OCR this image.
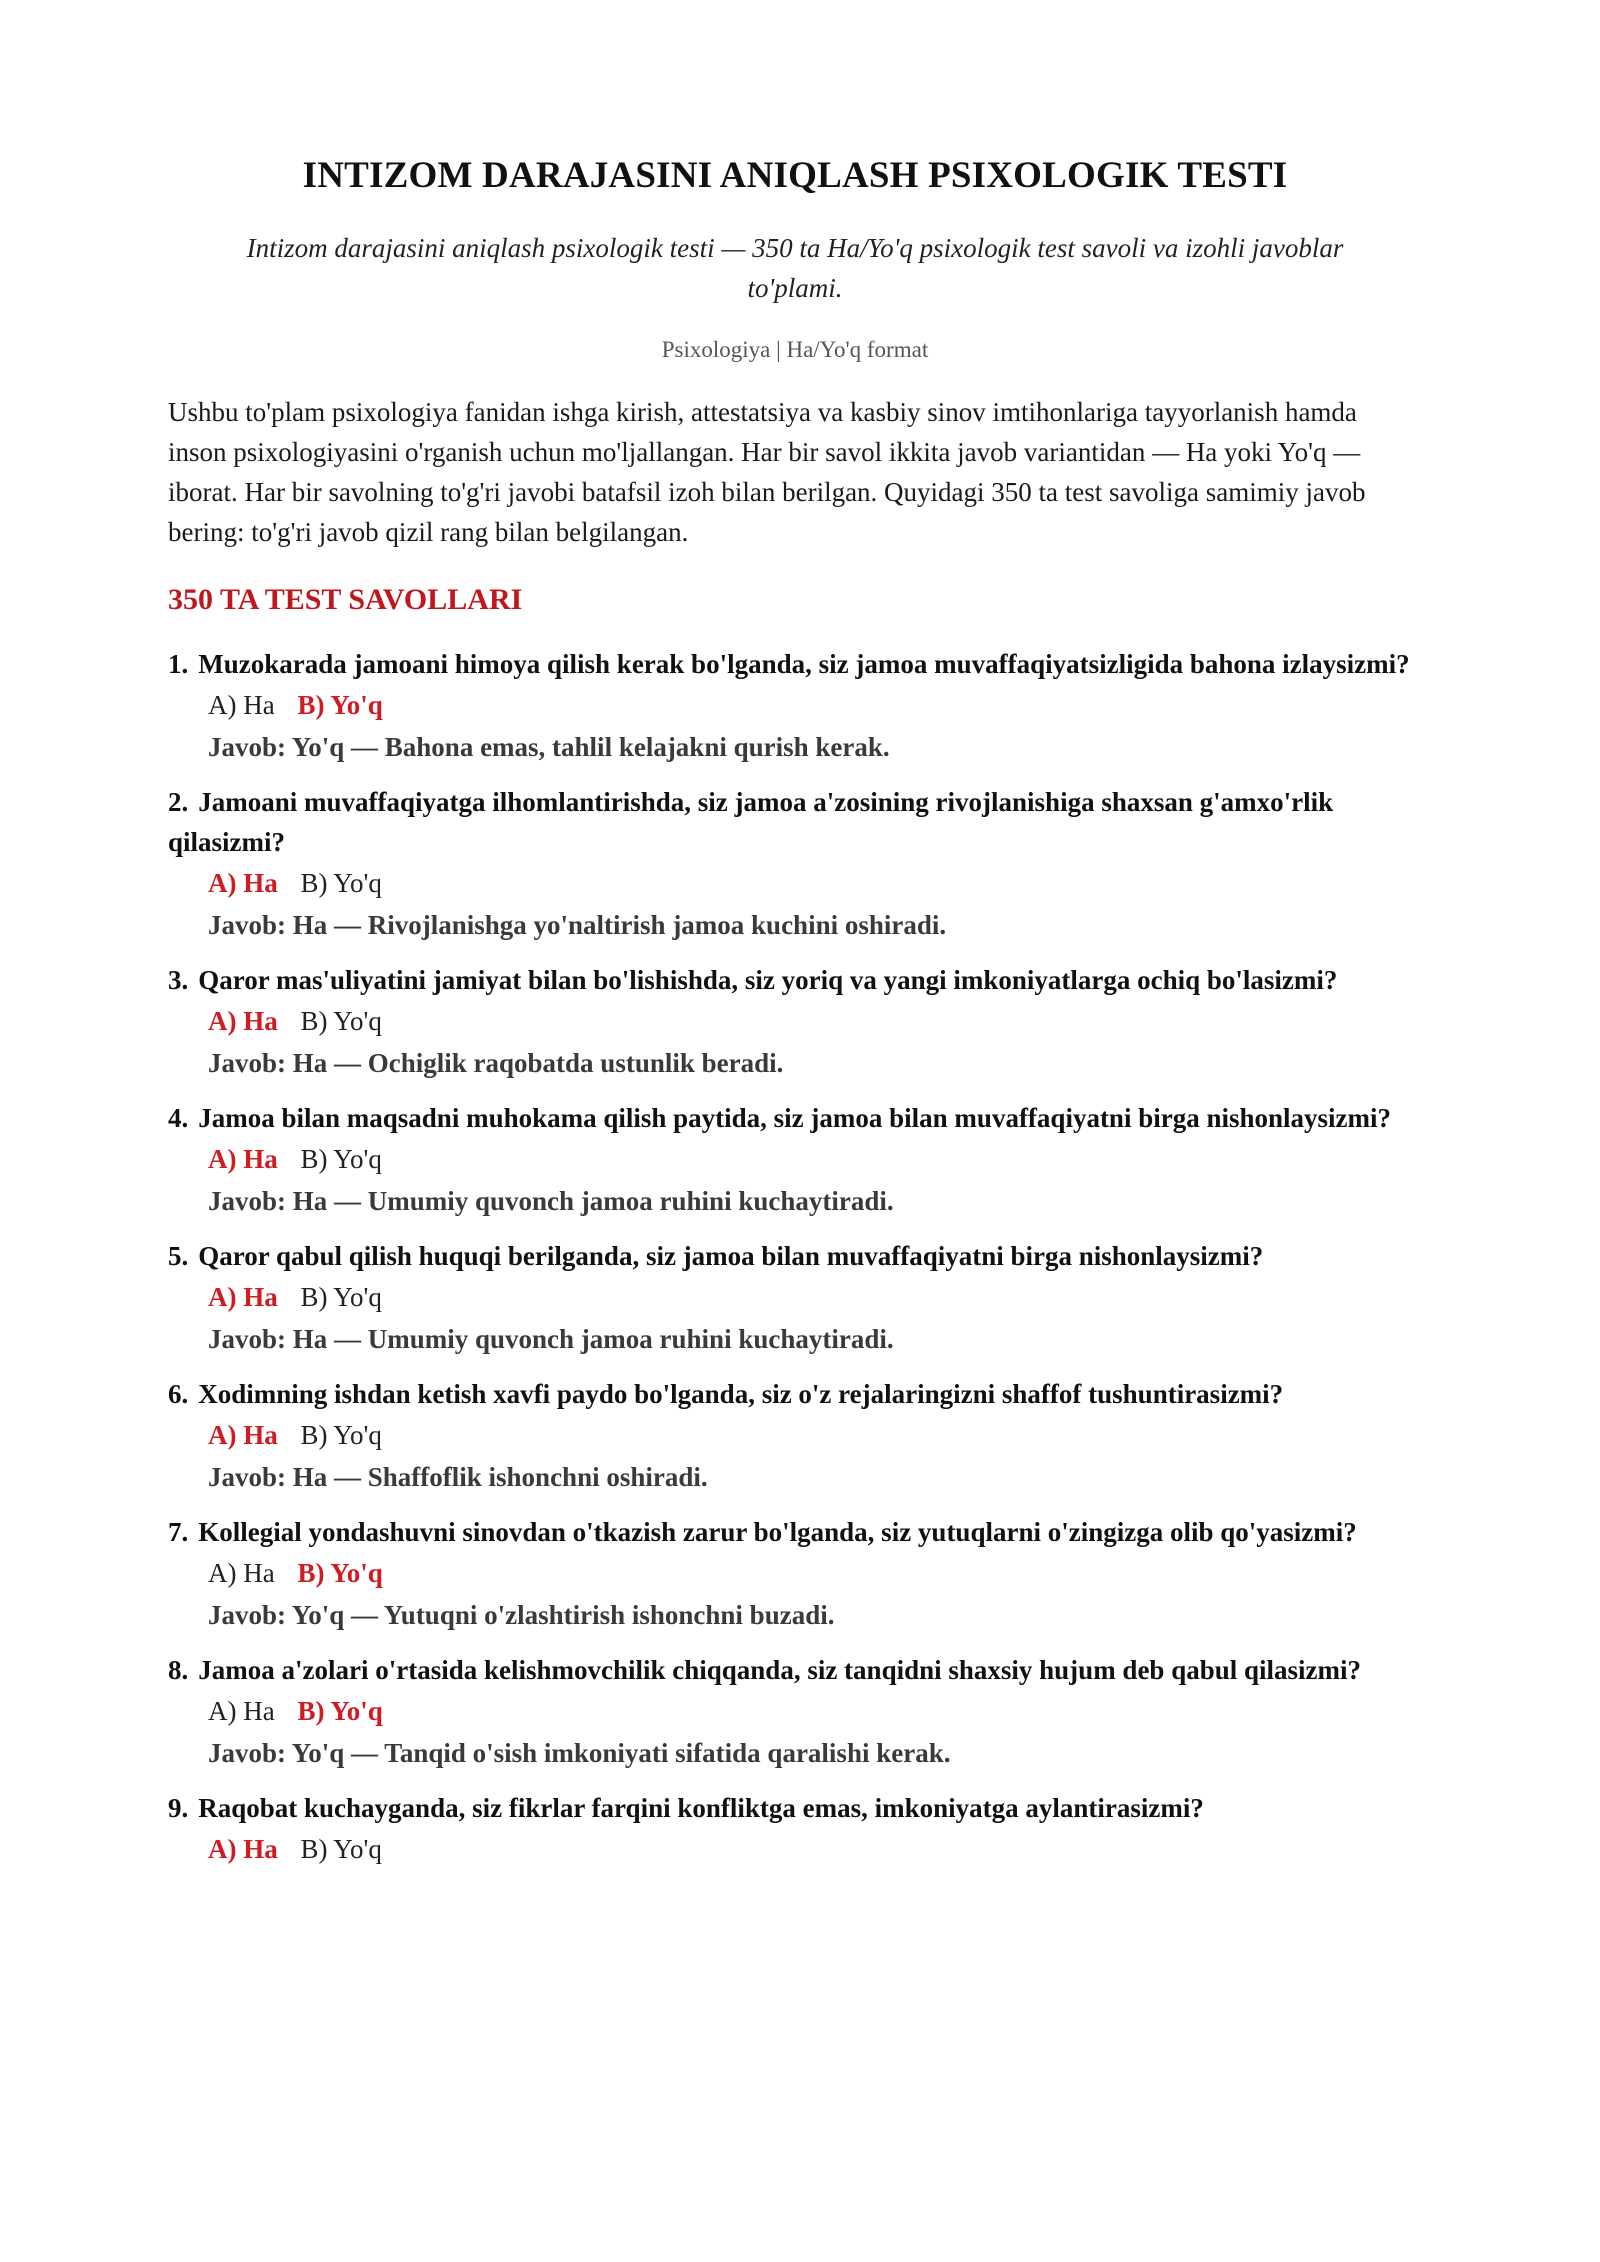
INTIZOM DARAJASINI ANIQLASH PSIXOLOGIK TESTI
Intizom darajasini aniqlash psixologik testi — 350 ta Ha/Yo'q psixologik test savoli va izohli javoblar to'plami.
Psixologiya | Ha/Yo'q format
Ushbu to'plam psixologiya fanidan ishga kirish, attestatsiya va kasbiy sinov imtihonlariga tayyorlanish hamda inson psixologiyasini o'rganish uchun mo'ljallangan. Har bir savol ikkita javob variantidan — Ha yoki Yo'q — iborat. Har bir savolning to'g'ri javobi batafsil izoh bilan berilgan. Quyidagi 350 ta test savoliga samimiy javob bering: to'g'ri javob qizil rang bilan belgilangan.
350 TA TEST SAVOLLARI
1. Muzokarada jamoani himoya qilish kerak bo'lganda, siz jamoa muvaffaqiyatsizligida bahona izlaysizmi?
A) Ha B) Yo'q
Javob: Yo'q — Bahona emas, tahlil kelajakni qurish kerak.
2. Jamoani muvaffaqiyatga ilhomlantirishda, siz jamoa a'zosining rivojlanishiga shaxsan g'amxo'rlik qilasizmi?
A) Ha B) Yo'q
Javob: Ha — Rivojlanishga yo'naltirish jamoa kuchini oshiradi.
3. Qaror mas'uliyatini jamiyat bilan bo'lishishda, siz yoriq va yangi imkoniyatlarga ochiq bo'lasizmi?
A) Ha B) Yo'q
Javob: Ha — Ochiglik raqobatda ustunlik beradi.
4. Jamoa bilan maqsadni muhokama qilish paytida, siz jamoa bilan muvaffaqiyatni birga nishonlaysizmi?
A) Ha B) Yo'q
Javob: Ha — Umumiy quvonch jamoa ruhini kuchaytiradi.
5. Qaror qabul qilish huquqi berilganda, siz jamoa bilan muvaffaqiyatni birga nishonlaysizmi?
A) Ha B) Yo'q
Javob: Ha — Umumiy quvonch jamoa ruhini kuchaytiradi.
6. Xodimning ishdan ketish xavfi paydo bo'lganda, siz o'z rejalaringizni shaffof tushuntirasizmi?
A) Ha B) Yo'q
Javob: Ha — Shaffoflik ishonchni oshiradi.
7. Kollegial yondashuvni sinovdan o'tkazish zarur bo'lganda, siz yutuqlarni o'zingizga olib qo'yasizmi?
A) Ha B) Yo'q
Javob: Yo'q — Yutuqni o'zlashtirish ishonchni buzadi.
8. Jamoa a'zolari o'rtasida kelishmovchilik chiqqanda, siz tanqidni shaxsiy hujum deb qabul qilasizmi?
A) Ha B) Yo'q
Javob: Yo'q — Tanqid o'sish imkoniyati sifatida qaralishi kerak.
9. Raqobat kuchayganda, siz fikrlar farqini konfliktga emas, imkoniyatga aylantirasizmi?
A) Ha B) Yo'q
